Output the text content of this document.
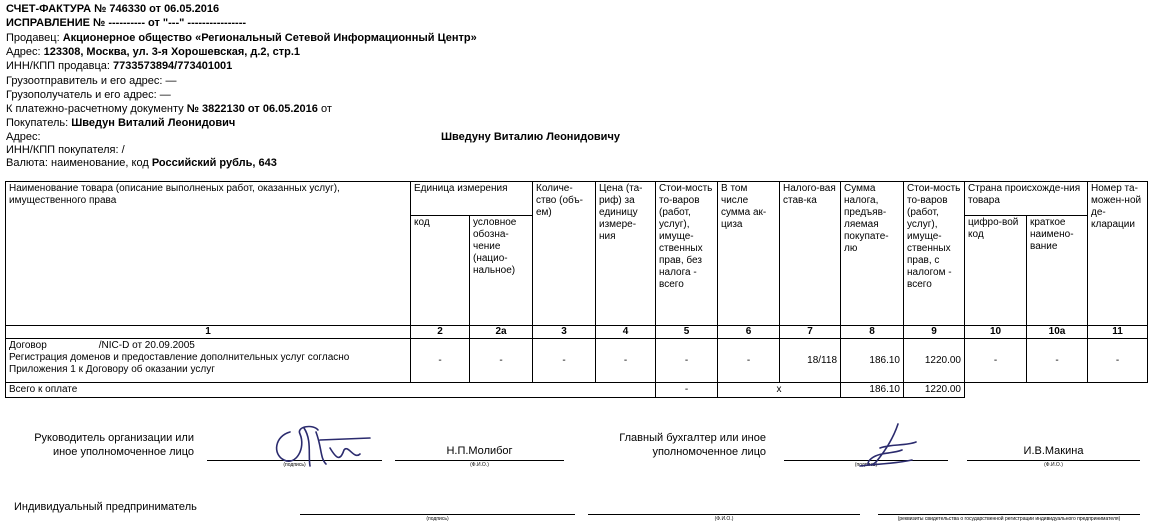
СЧЕТ-ФАКТУРА № 746330 от 06.05.2016
ИСПРАВЛЕНИЕ № ---------- от "---" ----------------
Продавец: Акционерное общество «Региональный Сетевой Информационный Центр»
Адрес: 123308, Москва, ул. 3-я Хорошевская, д.2, стр.1
ИНН/КПП продавца: 7733573894/773401001
Грузоотправитель и его адрес: —
Грузополучатель и его адрес: —
К платежно-расчетному документу № 3822130 от 06.05.2016 от
Покупатель: Шведун Виталий Леонидович
Адрес:	Шведуну Виталию Леонидовичу
ИНН/КПП покупателя: /
Валюта: наименование, код Российский рубль, 643
Наименование товара (описание выполненых работ, оказанных услуг), имущественного права	Единица измерения		Количе-ство (объ-ем)	Цена (та-риф) за единицу измере-ния	Стои-мость то-варов (работ, услуг), имуще-ственных прав, без налога - всего	В том числе сумма ак-циза	Налого-вая став-ка	Сумма налога, предъяв-ляемая покупате-лю	Стои-мость то-варов (работ, услуг), имуще-ственных прав, с налогом - всего	Страна происхожде-ния товара		Номер та-можен-ной де-кларации
	код	условное обозна-чение (нацио-нальное)								цифро-вой код	краткое наимено-вание	
1	2	2а	3	4	5	6	7	8	9	10	10а	11

Договор /NIC-D от 20.09.2005
Регистрация доменов и предоставление дополнительных услуг согласно Приложения 1 к Договору об оказании услуг	-	-	-	-	-	-	18/118	186.10	1220.00	-	-	-
Всего к оплате					-	x		186.10	1220.00			
Руководитель организации или иное уполномоченное лицо
(подпись)
Н.П.Молибог
(Ф.И.О.)
Главный бухгалтер или иное уполномоченное лицо
(подпись)
И.В.Макина
(Ф.И.О.)
Индивидуальный предприниматель
(подпись)	(Ф.И.О.)	(реквизиты свидетельства о государственной регистрации индивидуального предпринимателя)
